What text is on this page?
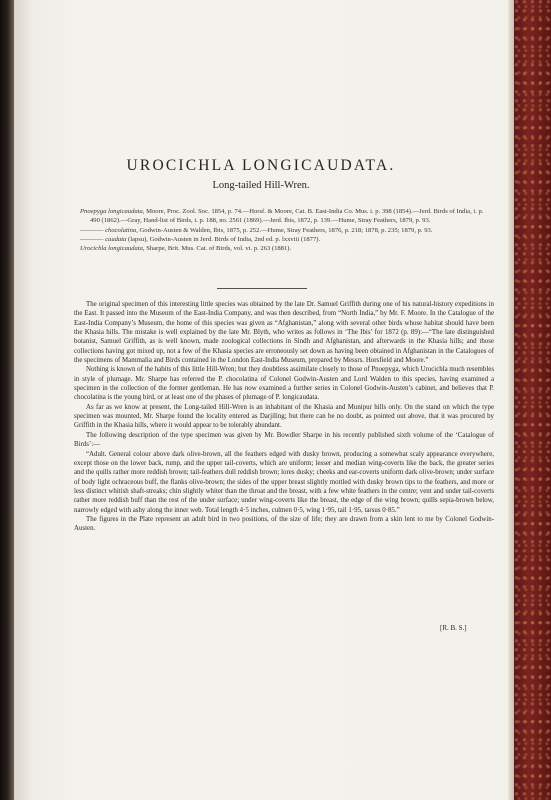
UROCICHLA LONGICAUDATA.
Long-tailed Hill-Wren.

Pnoepyga longicaudata, Moore, Proc. Zool. Soc. 1854, p. 74.—Horsf. & Moore, Cat. B. East-India Co. Mus. i. p. 398 (1854).—Jerd. Birds of India, i. p. 490 (1862).—Gray, Hand-list of Birds, i. p. 188, no. 2561 (1869).—Jerd. Ibis, 1872, p. 139.—Hume, Stray Feathers, 1879, p. 93.

———— chocolatina, Godwin-Austen & Walden, Ibis, 1875, p. 252.—Hume, Stray Feathers, 1876, p. 218; 1878, p. 235; 1879, p. 93.

———— caudata (lapsu), Godwin-Austen in Jerd. Birds of India, 2nd ed. p. lxxviii (1877).

Urocichla longicaudata, Sharpe, Brit. Mus. Cat. of Birds, vol. vi. p. 263 (1881).

The original specimen of this interesting little species was obtained by the late Dr. Samuel Griffith during one of his natural-history expeditions in the East. It passed into the Museum of the East-India Company, and was then described, from “North India,” by Mr. F. Moore. In the Catalogue of the East-India Company’s Museum, the home of this species was given as “Afghanistan,” along with several other birds whose habitat should have been the Khasia hills. The mistake is well explained by the late Mr. Blyth, who writes as follows in ‘The Ibis’ for 1872 (p. 89):—“The late distinguished botanist, Samuel Griffith, as is well known, made zoological collections in Sindh and Afghanistan, and afterwards in the Khasia hills; and those collections having got mixed up, not a few of the Khasia species are erroneously set down as having been obtained in Afghanistan in the Catalogues of the specimens of Mammalia and Birds contained in the London East-India Museum, prepared by Messrs. Horsfield and Moore.”

Nothing is known of the habits of this little Hill-Wren; but they doubtless assimilate closely to those of Pnoepyga, which Urocichla much resembles in style of plumage. Mr. Sharpe has referred the P. chocolatina of Colonel Godwin-Austen and Lord Walden to this species, having examined a specimen in the collection of the former gentleman. He has now examined a further series in Colonel Godwin-Austen’s cabinet, and believes that P. chocolatina is the young bird, or at least one of the phases of plumage of P. longicaudata.

As far as we know at present, the Long-tailed Hill-Wren is an inhabitant of the Khasia and Munipur hills only. On the stand on which the type specimen was mounted, Mr. Sharpe found the locality entered as Darjiling; but there can be no doubt, as pointed out above, that it was procured by Griffith in the Khasia hills, where it would appear to be tolerably abundant.

The following description of the type specimen was given by Mr. Bowdler Sharpe in his recently published sixth volume of the ‘Catalogue of Birds’:—

“Adult. General colour above dark olive-brown, all the feathers edged with dusky brown, producing a somewhat scaly appearance everywhere, except those on the lower back, rump, and the upper tail-coverts, which are uniform; lesser and median wing-coverts like the back, the greater series and the quills rather more reddish brown; tail-feathers dull reddish brown; lores dusky; cheeks and ear-coverts uniform dark olive-brown; under surface of body light ochraceous buff, the flanks olive-brown; the sides of the upper breast slightly mottled with dusky brown tips to the feathers, and more or less distinct whitish shaft-streaks; chin slightly whiter than the throat and the breast, with a few white feathers in the centre; vent and under tail-coverts rather more reddish buff than the rest of the under surface; under wing-coverts like the breast, the edge of the wing brown; quills sepia-brown below, narrowly edged with ashy along the inner web. Total length 4·5 inches, culmen 0·5, wing 1·95, tail 1·95, tarsus 0·85.”

The figures in the Plate represent an adult bird in two positions, of the size of life; they are drawn from a skin lent to me by Colonel Godwin-Austen.

[R. B. S.]
